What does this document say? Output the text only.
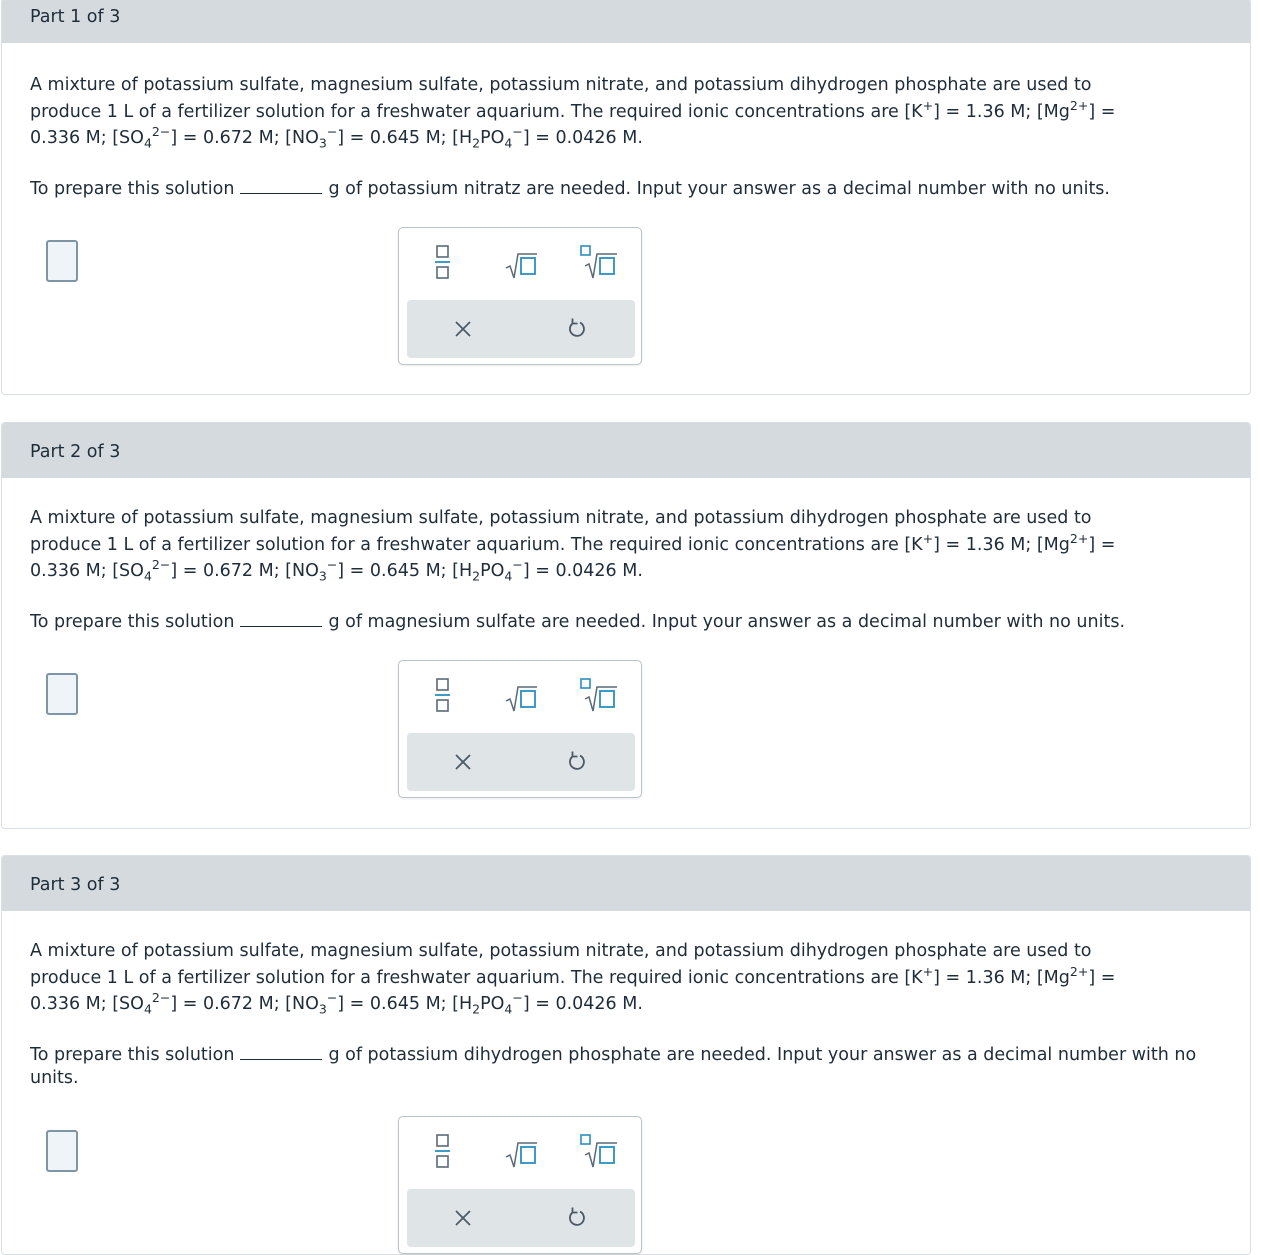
Part 1 of 3
A mixture of potassium sulfate, magnesium sulfate, potassium nitrate, and potassium dihydrogen phosphate are used to
produce 1 L of a fertilizer solution for a freshwater aquarium. The required ionic concentrations are [K+] = 1.36 M; $[Mg^{2+}]$ =
0.336 M; $[SO_4^{2-}] = 0.672$ M; $[NO_3^-] = 0.645$ M; $[H_2PO_4^-] = 0.0426$ M.
To prepare this solution	g of potassium nitratz are needed. Input your answer as a decimal number with no units.
Part 2 of 3
A mixture of potassium sulfate, magnesium sulfate, potassium nitrate, and potassium dihydrogen phosphate are used to
produce 1 L of a fertilizer solution for a freshwater aquarium. The required ionic concentrations are [K+] = 1.36 M; $[Mg^{2+}]$ =
0.336 M; $[SO_4^{2-}] = 0.672$ M; $[NO_3^-] = 0.645$ M; $[H_2PO_4^-] = 0.0426$ M.
To prepare this solution	g of magnesium sulfate are needed. Input your answer as a decimal number with no units.
Part 3 of 3
A mixture of potassium sulfate, magnesium sulfate, potassium nitrate, and potassium dihydrogen phosphate are used to
produce 1 L of a fertilizer solution for a freshwater aquarium. The required ionic concentrations are [K+] = 1.36 M; $[Mg^{2+}]$ =
0.336 M; $[SO_4^{2-}] = 0.672$ M; $[NO_3^-] = 0.645$ M; $[H_2PO_4^-] = 0.0426$ M.
To prepare this solution	g of potassium dihydrogen phosphate are needed. Input your answer as a decimal number with no units.
